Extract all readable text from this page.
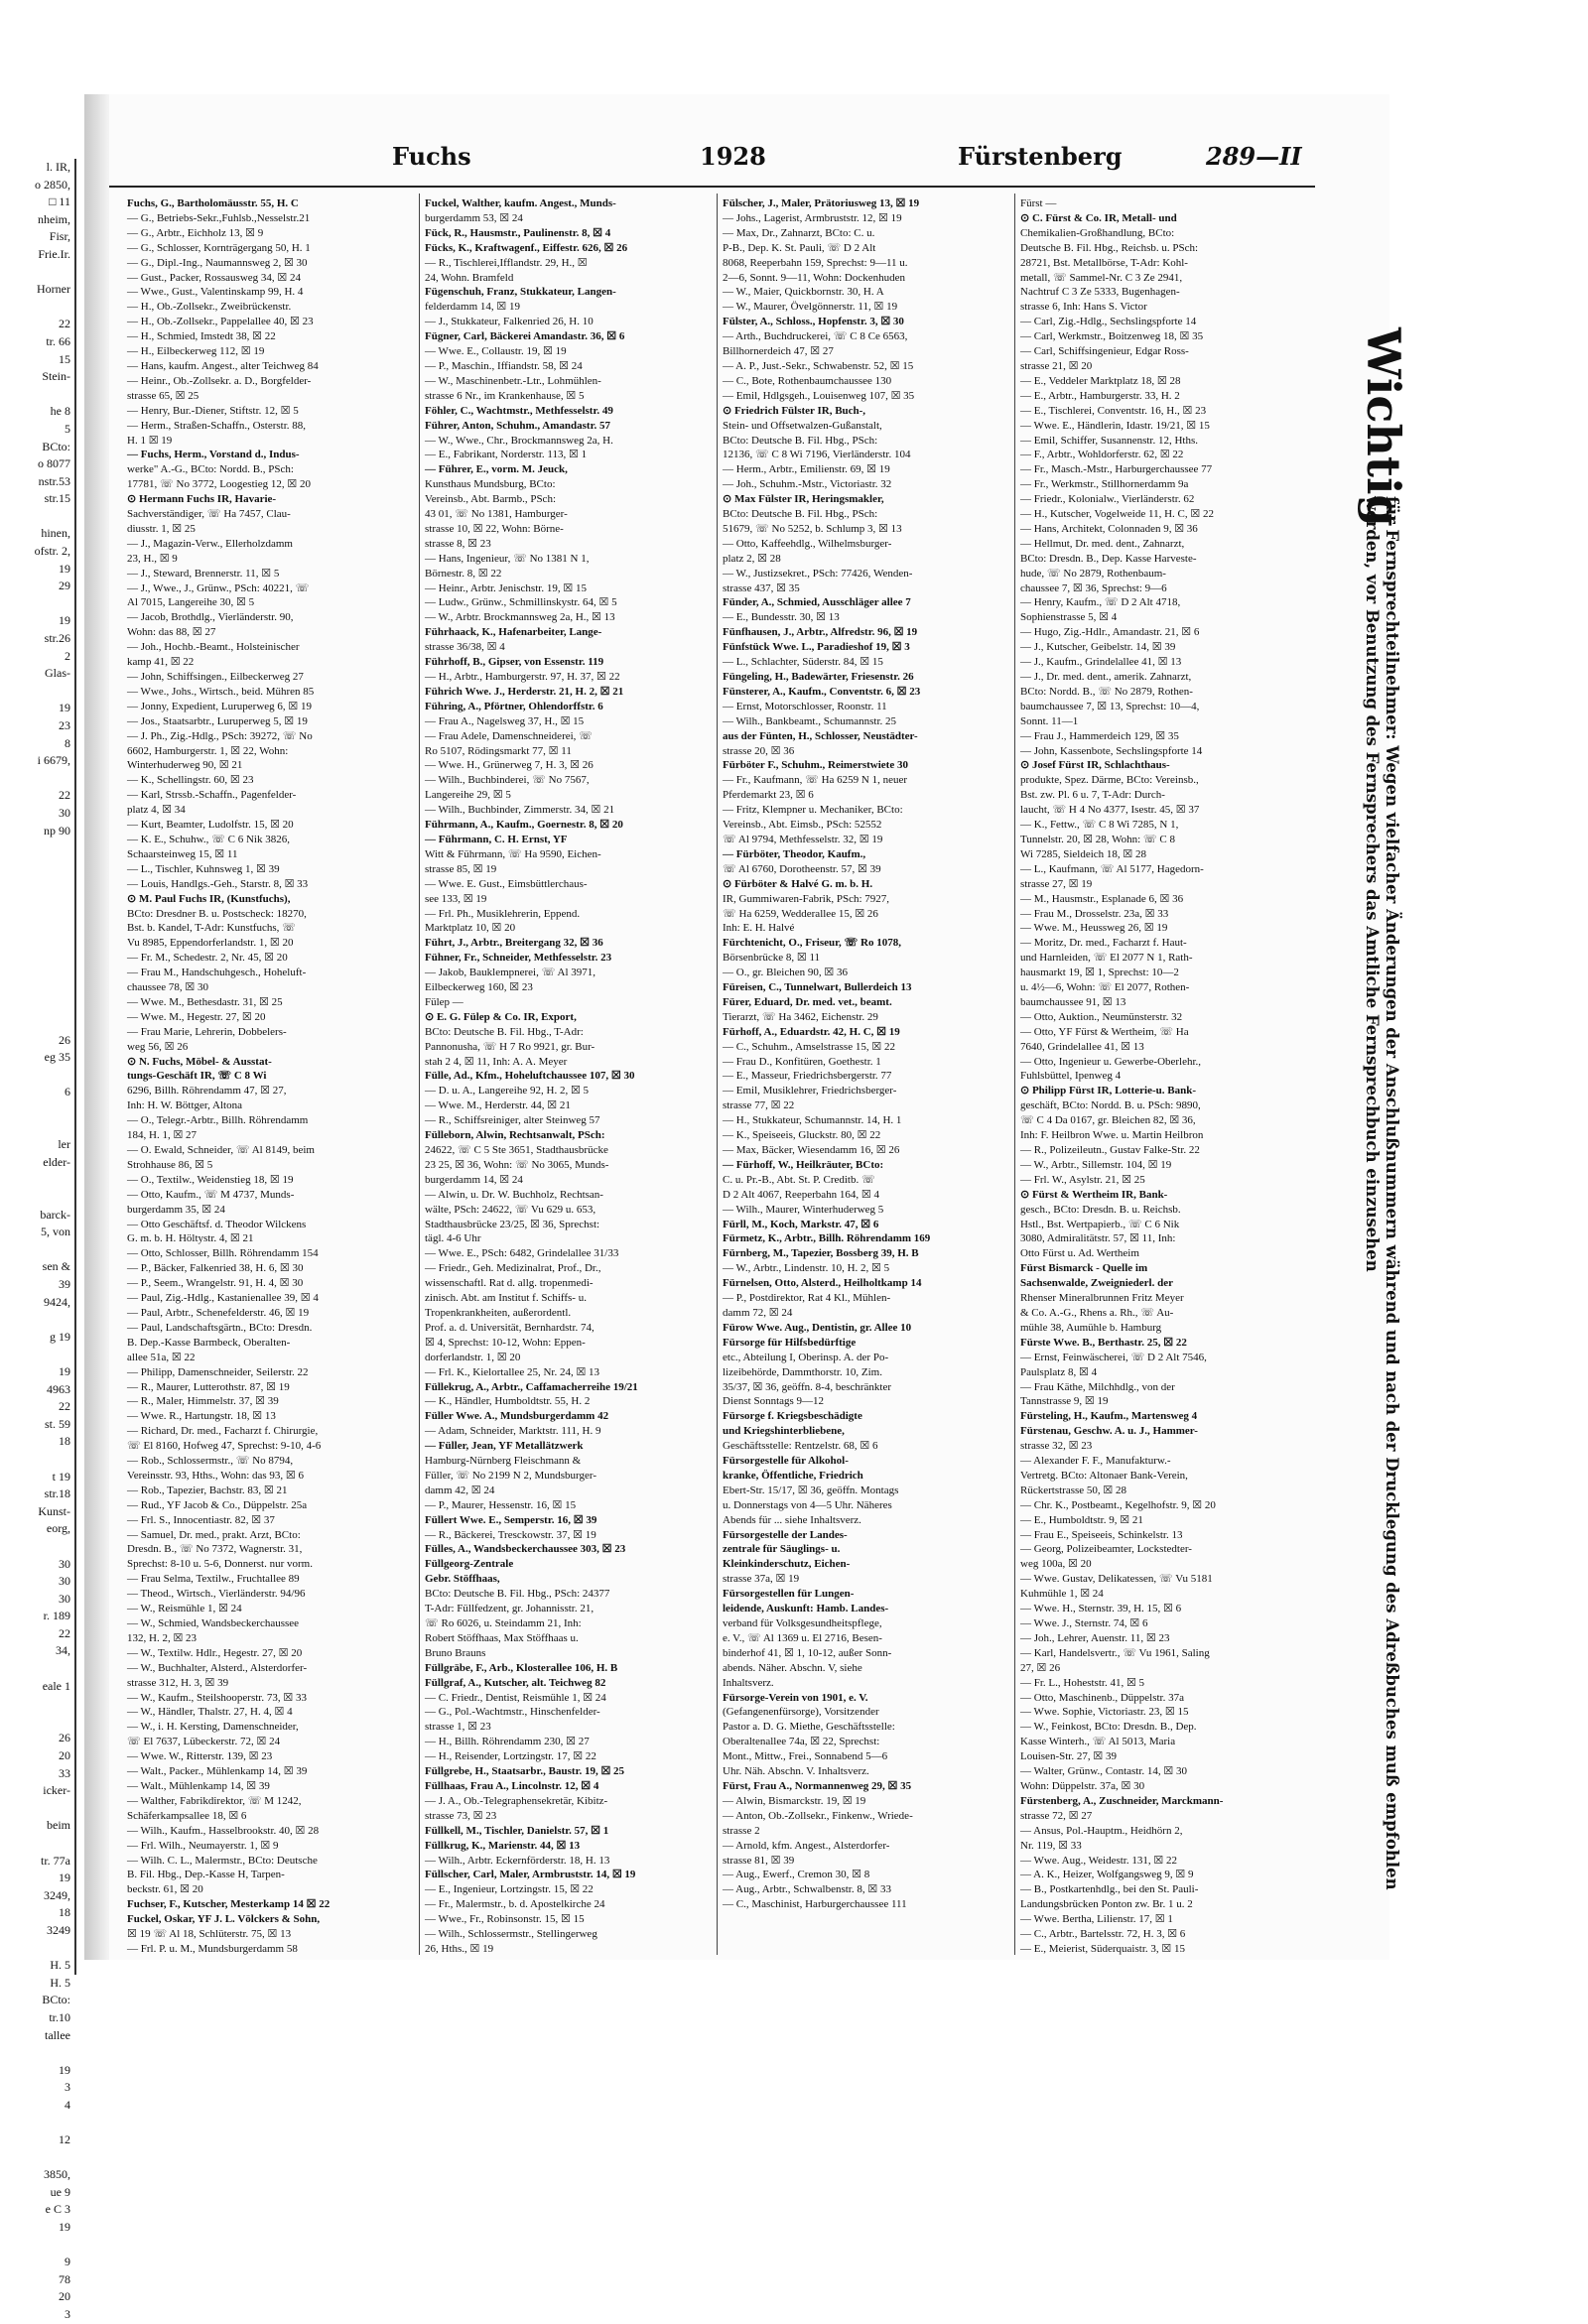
l. IR,
o 2850,
□ 11
nheim,
Fisr,
Frie.Ir.

Horner

22
tr. 66
15
Stein-

he 8
5
BCto:
o 8077
nstr.53
str.15

hinen,
ofstr. 2,
19
29

19
str.26
2
Glas-

19
23
8
i 6679,

22
30
np 90

26
eg 35

6

ler
elder-

barck-
5, von

sen &
39
9424,

g 19

19
4963
22
st. 59
18

t 19
str.18
Kunst-
eorg,

30
30
30
r. 189
22
34,

eale 1

26
20
33
icker-

beim

tr. 77a
19
3249,
18
3249

H. 5
H. 5
BCto:
tr.10
tallee

19
3
4

12

3850,
ue 9
e C 3
19

9
78
20
3
Fuchs	1928	Fürstenberg	289—II
Fuchs, G., Bartholomäusstr. 55, H. C
— G., Betriebs-Sekr.,Fuhlsb.,Nesselstr.21
— G., Arbtr., Eichholz 13, ☒ 9
— G., Schlosser, Kornträgergang 50, H. 1
— G., Dipl.-Ing., Naumannsweg 2, ☒ 30
— Gust., Packer, Rossausweg 34, ☒ 24
— Wwe., Gust., Valentinskamp 99, H. 4
— H., Ob.-Zollsekr., Zweibrückenstr.
— H., Ob.-Zollsekr., Pappelallee 40, ☒ 23
— H., Schmied, Imstedt 38, ☒ 22
— H., Eilbeckerweg 112, ☒ 19
— Hans, kaufm. Angest., alter Teichweg 84
— Heinr., Ob.-Zollsekr. a. D., Borgfelder-
strasse 65, ☒ 25
— Henry, Bur.-Diener, Stiftstr. 12, ☒ 5
— Herm., Straßen-Schaffn., Osterstr. 88,
H. 1 ☒ 19
— Fuchs, Herm., Vorstand d., Indus-
werke" A.-G., BCto: Nordd. B., PSch:
17781, ☏ No 3772, Loogestieg 12, ☒ 20
⊙ Hermann Fuchs IR, Havarie-
Sachverständiger, ☏ Ha 7457, Clau-
diusstr. 1, ☒ 25
— J., Magazin-Verw., Ellerholzdamm
23, H., ☒ 9
— J., Steward, Brennerstr. 11, ☒ 5
— J., Wwe., J., Grünw., PSch: 40221, ☏
Al 7015, Langereihe 30, ☒ 5
— Jacob, Brothdlg., Vierländerstr. 90,
Wohn: das 88, ☒ 27
— Joh., Hochb.-Beamt., Holsteinischer
kamp 41, ☒ 22
— John, Schiffsingen., Eilbeckerweg 27
— Wwe., Johs., Wirtsch., beid. Mühren 85
— Jonny, Expedient, Luruperweg 6, ☒ 19
— Jos., Staatsarbtr., Luruperweg 5, ☒ 19
— J. Ph., Zig.-Hdlg., PSch: 39272, ☏ No
6602, Hamburgerstr. 1, ☒ 22, Wohn:
Winterhuderweg 90, ☒ 21
— K., Schellingstr. 60, ☒ 23
— Karl, Strssb.-Schaffn., Pagenfelder-
platz 4, ☒ 34
— Kurt, Beamter, Ludolfstr. 15, ☒ 20
— K. E., Schuhw., ☏ C 6 Nik 3826,
Schaarsteinweg 15, ☒ 11
— L., Tischler, Kuhnsweg 1, ☒ 39
— Louis, Handlgs.-Geh., Starstr. 8, ☒ 33
⊙ M. Paul Fuchs IR, (Kunstfuchs),
BCto: Dresdner B. u. Postscheck: 18270,
Bst. b. Kandel, T-Adr: Kunstfuchs, ☏
Vu 8985, Eppendorferlandstr. 1, ☒ 20
— Fr. M., Schedestr. 2, Nr. 45, ☒ 20
— Frau M., Handschuhgesch., Hoheluft-
chaussee 78, ☒ 30
— Wwe. M., Bethesdastr. 31, ☒ 25
— Wwe. M., Hegestr. 27, ☒ 20
— Frau Marie, Lehrerin, Dobbelers-
weg 56, ☒ 26
⊙ N. Fuchs, Möbel- & Ausstat-
tungs-Geschäft IR, ☏ C 8 Wi
6296, Billh. Röhrendamm 47, ☒ 27,
Inh: H. W. Böttger, Altona
— O., Telegr.-Arbtr., Billh. Röhrendamm
184, H. 1, ☒ 27
— O. Ewald, Schneider, ☏ Al 8149, beim
Strohhause 86, ☒ 5
— O., Textilw., Weidenstieg 18, ☒ 19
— Otto, Kaufm., ☏ M 4737, Munds-
burgerdamm 35, ☒ 24
— Otto Geschäftsf. d. Theodor Wilckens
G. m. b. H. Höltystr. 4, ☒ 21
— Otto, Schlosser, Billh. Röhrendamm 154
— P., Bäcker, Falkenried 38, H. 6, ☒ 30
— P., Seem., Wrangelstr. 91, H. 4, ☒ 30
— Paul, Zig.-Hdlg., Kastanienallee 39, ☒ 4
— Paul, Arbtr., Schenefelderstr. 46, ☒ 19
— Paul, Landschaftsgärtn., BCto: Dresdn.
B. Dep.-Kasse Barmbeck, Oberalten-
allee 51a, ☒ 22
— Philipp, Damenschneider, Seilerstr. 22
— R., Maurer, Lutterothstr. 87, ☒ 19
— R., Maler, Himmelstr. 37, ☒ 39
— Wwe. R., Hartungstr. 18, ☒ 13
— Richard, Dr. med., Facharzt f. Chirurgie,
☏ El 8160, Hofweg 47, Sprechst: 9-10, 4-6
— Rob., Schlossermstr., ☏ No 8794,
Vereinsstr. 93, Hths., Wohn: das 93, ☒ 6
— Rob., Tapezier, Bachstr. 83, ☒ 21
— Rud., YF Jacob & Co., Düppelstr. 25a
— Frl. S., Innocentiastr. 82, ☒ 37
— Samuel, Dr. med., prakt. Arzt, BCto:
Dresdn. B., ☏ No 7372, Wagnerstr. 31,
Sprechst: 8-10 u. 5-6, Donnerst. nur vorm.
— Frau Selma, Textilw., Fruchtallee 89
— Theod., Wirtsch., Vierländerstr. 94/96
— W., Reismühle 1, ☒ 24
— W., Schmied, Wandsbeckerchaussee
132, H. 2, ☒ 23
— W., Textilw. Hdlr., Hegestr. 27, ☒ 20
— W., Buchhalter, Alsterd., Alsterdorfer-
strasse 312, H. 3, ☒ 39
— W., Kaufm., Steilshooperstr. 73, ☒ 33
— W., Händler, Thalstr. 27, H. 4, ☒ 4
— W., i. H. Kersting, Damenschneider,
☏ El 7637, Lübeckerstr. 72, ☒ 24
— Wwe. W., Ritterstr. 139, ☒ 23
— Walt., Packer., Mühlenkamp 14, ☒ 39
— Walt., Mühlenkamp 14, ☒ 39
— Walther, Fabrikdirektor, ☏ M 1242,
Schäferkampsallee 18, ☒ 6
— Wilh., Kaufm., Hasselbrookstr. 40, ☒ 28
— Frl. Wilh., Neumayerstr. 1, ☒ 9
— Wilh. C. L., Malermstr., BCto: Deutsche
B. Fil. Hbg., Dep.-Kasse H, Tarpen-
beckstr. 61, ☒ 20
Fuchser, F., Kutscher, Mesterkamp 14 ☒ 22
Fuckel, Oskar, YF J. L. Völckers & Sohn,
☒ 19 ☏ Al 18, Schlüterstr. 75, ☒ 13
— Frl. P. u. M., Mundsburgerdamm 58
Fuckel, Walther, kaufm. Angest., Munds-
burgerdamm 53, ☒ 24
Fück, R., Hausmstr., Paulinenstr. 8, ☒ 4
Fücks, K., Kraftwagenf., Eiffestr. 626, ☒ 26
— R., Tischlerei,Ifflandstr. 29, H., ☒
24, Wohn. Bramfeld
Fügenschuh, Franz, Stukkateur, Langen-
felderdamm 14, ☒ 19
— J., Stukkateur, Falkenried 26, H. 10
Fügner, Carl, Bäckerei Amandastr. 36, ☒ 6
— Wwe. E., Collaustr. 19, ☒ 19
— P., Maschin., Iffiandstr. 58, ☒ 24
— W., Maschinenbetr.-Ltr., Lohmühlen-
strasse 6 Nr., im Krankenhause, ☒ 5
Föhler, C., Wachtmstr., Methfesselstr. 49
Führer, Anton, Schuhm., Amandastr. 57
— W., Wwe., Chr., Brockmannsweg 2a, H.
— E., Fabrikant, Norderstr. 113, ☒ 1
— Führer, E., vorm. M. Jeuck,
Kunsthaus Mundsburg, BCto:
Vereinsb., Abt. Barmb., PSch:
43 01, ☏ No 1381, Hamburger-
strasse 10, ☒ 22, Wohn: Börne-
strasse 8, ☒ 23
— Hans, Ingenieur, ☏ No 1381 N 1,
Börnestr. 8, ☒ 22
— Heinr., Arbtr. Jenischstr. 19, ☒ 15
— Ludw., Grünw., Schmillinskystr. 64, ☒ 5
— W., Arbtr. Brockmannsweg 2a, H., ☒ 13
Führhaack, K., Hafenarbeiter, Lange-
strasse 36/38, ☒ 4
Führhoff, B., Gipser, von Essenstr. 119
— H., Arbtr., Hamburgerstr. 97, H. 37, ☒ 22
Führich Wwe. J., Herderstr. 21, H. 2, ☒ 21
Führing, A., Pförtner, Ohlendorffstr. 6
— Frau A., Nagelsweg 37, H., ☒ 15
— Frau Adele, Damenschneiderei, ☏
Ro 5107, Rödingsmarkt 77, ☒ 11
— Wwe. H., Grünerweg 7, H. 3, ☒ 26
— Wilh., Buchbinderei, ☏ No 7567,
Langereihe 29, ☒ 5
— Wilh., Buchbinder, Zimmerstr. 34, ☒ 21
Führmann, A., Kaufm., Goernestr. 8, ☒ 20
— Führmann, C. H. Ernst, YF
Witt & Führmann, ☏ Ha 9590, Eichen-
strasse 85, ☒ 19
— Wwe. E. Gust., Eimsbüttlerchaus-
see 133, ☒ 19
— Frl. Ph., Musiklehrerin, Eppend.
Marktplatz 10, ☒ 20
Führt, J., Arbtr., Breitergang 32, ☒ 36
Fühner, Fr., Schneider, Methfesselstr. 23
— Jakob, Bauklempnerei, ☏ Al 3971,
Eilbeckerweg 160, ☒ 23
Fülep —
⊙ E. G. Fülep & Co. IR, Export,
BCto: Deutsche B. Fil. Hbg., T-Adr:
Pannonusha, ☏ H 7 Ro 9921, gr. Bur-
stah 2 4, ☒ 11, Inh: A. A. Meyer
Fülle, Ad., Kfm., Hoheluftchaussee 107, ☒ 30
— D. u. A., Langereihe 92, H. 2, ☒ 5
— Wwe. M., Herderstr. 44, ☒ 21
— R., Schiffsreiniger, alter Steinweg 57
Fülleborn, Alwin, Rechtsanwalt, PSch:
24622, ☏ C 5 Ste 3651, Stadthausbrücke
23 25, ☒ 36, Wohn: ☏ No 3065, Munds-
burgerdamm 14, ☒ 24
— Alwin, u. Dr. W. Buchholz, Rechtsan-
wälte, PSch: 24622, ☏ Vu 629 u. 653,
Stadthausbrücke 23/25, ☒ 36, Sprechst:
tägl. 4-6 Uhr
— Wwe. E., PSch: 6482, Grindelallee 31/33
— Friedr., Geh. Medizinalrat, Prof., Dr.,
wissenschaftl. Rat d. allg. tropenmedi-
zinisch. Abt. am Institut f. Schiffs- u.
Tropenkrankheiten, außerordentl.
Prof. a. d. Universität, Bernhardstr. 74,
☒ 4, Sprechst: 10-12, Wohn: Eppen-
dorferlandstr. 1, ☒ 20
— Frl. K., Kielortallee 25, Nr. 24, ☒ 13
Füllekrug, A., Arbtr., Caffamacherreihe 19/21
— K., Händler, Humboldtstr. 55, H. 2
Füller Wwe. A., Mundsburgerdamm 42
— Adam, Schneider, Marktstr. 111, H. 9
— Füller, Jean, YF Metallätzwerk
Hamburg-Nürnberg Fleischmann &
Füller, ☏ No 2199 N 2, Mundsburger-
damm 42, ☒ 24
— P., Maurer, Hessenstr. 16, ☒ 15
Füllert Wwe. E., Semperstr. 16, ☒ 39
— R., Bäckerei, Tresckowstr. 37, ☒ 19
Fülles, A., Wandsbeckerchaussee 303, ☒ 23
Füllgeorg-Zentrale
Gebr. Stöffhaas,
BCto: Deutsche B. Fil. Hbg., PSch: 24377
T-Adr: Füllfedzent, gr. Johannisstr. 21,
☏ Ro 6026, u. Steindamm 21, Inh:
Robert Stöffhaas, Max Stöffhaas u.
Bruno Brauns
Füllgräbe, F., Arb., Klosterallee 106, H. B
Füllgraf, A., Kutscher, alt. Teichweg 82
— C. Friedr., Dentist, Reismühle 1, ☒ 24
— G., Pol.-Wachtmstr., Hinschenfelder-
strasse 1, ☒ 23
— H., Billh. Röhrendamm 230, ☒ 27
— H., Reisender, Lortzingstr. 17, ☒ 22
Füllgrebe, H., Staatsarbr., Baustr. 19, ☒ 25
Füllhaas, Frau A., Lincolnstr. 12, ☒ 4
— J. A., Ob.-Telegraphensekretär, Kibitz-
strasse 73, ☒ 23
Füllkell, M., Tischler, Danielstr. 57, ☒ 1
Füllkrug, K., Marienstr. 44, ☒ 13
— Wilh., Arbtr. Eckernförderstr. 18, H. 13
Füllscher, Carl, Maler, Armbruststr. 14, ☒ 19
— E., Ingenieur, Lortzingstr. 15, ☒ 22
— Fr., Malermstr., b. d. Apostelkirche 24
— Wwe., Fr., Robinsonstr. 15, ☒ 15
— Wilh., Schlossermstr., Stellingerweg
26, Hths., ☒ 19
Fülscher, J., Maler, Prätoriusweg 13, ☒ 19
— Johs., Lagerist, Armbruststr. 12, ☒ 19
— Max, Dr., Zahnarzt, BCto: C. u.
P-B., Dep. K. St. Pauli, ☏ D 2 Alt
8068, Reeperbahn 159, Sprechst: 9—11 u.
2—6, Sonnt. 9—11, Wohn: Dockenhuden
— W., Maier, Quickbornstr. 30, H. A
— W., Maurer, Övelgönnerstr. 11, ☒ 19
Fülster, A., Schloss., Hopfenstr. 3, ☒ 30
— Arth., Buchdruckerei, ☏ C 8 Ce 6563,
Billhornerdeich 47, ☒ 27
— A. P., Just.-Sekr., Schwabenstr. 52, ☒ 15
— C., Bote, Rothenbaumchaussee 130
— Emil, Hdlgsgeh., Louisenweg 107, ☒ 35
⊙ Friedrich Fülster IR, Buch-,
Stein- und Offsetwalzen-Gußanstalt,
BCto: Deutsche B. Fil. Hbg., PSch:
12136, ☏ C 8 Wi 7196, Vierländerstr. 104
— Herm., Arbtr., Emilienstr. 69, ☒ 19
— Joh., Schuhm.-Mstr., Victoriastr. 32
⊙ Max Fülster IR, Heringsmakler,
BCto: Deutsche B. Fil. Hbg., PSch:
51679, ☏ No 5252, b. Schlump 3, ☒ 13
— Otto, Kaffeehdlg., Wilhelmsburger-
platz 2, ☒ 28
— W., Justizsekret., PSch: 77426, Wenden-
strasse 437, ☒ 35
Fünder, A., Schmied, Ausschläger allee 7
— E., Bundesstr. 30, ☒ 13
Fünfhausen, J., Arbtr., Alfredstr. 96, ☒ 19
Fünfstück Wwe. L., Paradieshof 19, ☒ 3
— L., Schlachter, Süderstr. 84, ☒ 15
Füngeling, H., Badewärter, Friesenstr. 26
Fünsterer, A., Kaufm., Conventstr. 6, ☒ 23
— Ernst, Motorschlosser, Roonstr. 11
— Wilh., Bankbeamt., Schumannstr. 25
aus der Fünten, H., Schlosser, Neustädter-
strasse 20, ☒ 36
Fürböter F., Schuhm., Reimerstwiete 30
— Fr., Kaufmann, ☏ Ha 6259 N 1, neuer
Pferdemarkt 23, ☒ 6
— Fritz, Klempner u. Mechaniker, BCto:
Vereinsb., Abt. Eimsb., PSch: 52552
☏ Al 9794, Methfesselstr. 32, ☒ 19
— Fürböter, Theodor, Kaufm.,
☏ Al 6760, Dorotheenstr. 57, ☒ 39
⊙ Fürböter & Halvé G. m. b. H.
IR, Gummiwaren-Fabrik, PSch: 7927,
☏ Ha 6259, Wedderallee 15, ☒ 26
Inh: E. H. Halvé
Fürchtenicht, O., Friseur, ☏ Ro 1078,
Börsenbrücke 8, ☒ 11
— O., gr. Bleichen 90, ☒ 36
Füreisen, C., Tunnelwart, Bullerdeich 13
Fürer, Eduard, Dr. med. vet., beamt.
Tierarzt, ☏ Ha 3462, Eichenstr. 29
Fürhoff, A., Eduardstr. 42, H. C, ☒ 19
— C., Schuhm., Amselstrasse 15, ☒ 22
— Frau D., Konfitüren, Goethestr. 1
— E., Masseur, Friedrichsbergerstr. 77
— Emil, Musiklehrer, Friedrichsberger-
strasse 77, ☒ 22
— H., Stukkateur, Schumannstr. 14, H. 1
— K., Speiseeis, Gluckstr. 80, ☒ 22
— Max, Bäcker, Wiesendamm 16, ☒ 26
— Fürhoff, W., Heilkräuter, BCto:
C. u. Pr.-B., Abt. St. P. Creditb. ☏
D 2 Alt 4067, Reeperbahn 164, ☒ 4
— Wilh., Maurer, Winterhuderweg 5
Fürll, M., Koch, Markstr. 47, ☒ 6
Fürmetz, K., Arbtr., Billh. Röhrendamm 169
Fürnberg, M., Tapezier, Bossberg 39, H. B
— W., Arbtr., Lindenstr. 10, H. 2, ☒ 5
Fürnelsen, Otto, Alsterd., Heilholtkamp 14
— P., Postdirektor, Rat 4 Kl., Mühlen-
damm 72, ☒ 24
Fürow Wwe. Aug., Dentistin, gr. Allee 10
Fürsorge für Hilfsbedürftige
etc., Abteilung I, Oberinsp. A. der Po-
lizeibehörde, Dammthorstr. 10, Zim.
35/37, ☒ 36, geöffn. 8-4, beschränkter
Dienst Sonntags 9—12
Fürsorge f. Kriegsbeschädigte
und Kriegshinterbliebene,
Geschäftsstelle: Rentzelstr. 68, ☒ 6
Fürsorgestelle für Alkohol-
kranke, Öffentliche, Friedrich
Ebert-Str. 15/17, ☒ 36, geöffn. Montags
u. Donnerstags von 4—5 Uhr. Näheres
Abends für ... siehe Inhaltsverz.
Fürsorgestelle der Landes-
zentrale für Säuglings- u.
Kleinkinderschutz, Eichen-
strasse 37a, ☒ 19
Fürsorgestellen für Lungen-
leidende, Auskunft: Hamb. Landes-
verband für Volksgesundheitspflege,
e. V., ☏ Al 1369 u. El 2716, Besen-
binderhof 41, ☒ 1, 10-12, außer Sonn-
abends. Näher. Abschn. V, siehe
Inhaltsverz.
Fürsorge-Verein von 1901, e. V.
(Gefangenenfürsorge), Vorsitzender
Pastor a. D. G. Miethe, Geschäftsstelle:
Oberaltenallee 74a, ☒ 22, Sprechst:
Mont., Mittw., Frei., Sonnabend 5—6
Uhr. Näh. Abschn. V. Inhaltsverz.
Fürst, Frau A., Normannenweg 29, ☒ 35
— Alwin, Bismarckstr. 19, ☒ 19
— Anton, Ob.-Zollsekr., Finkenw., Wriede-
strasse 2
— Arnold, kfm. Angest., Alsterdorfer-
strasse 81, ☒ 39
— Aug., Ewerf., Cremon 30, ☒ 8
— Aug., Arbtr., Schwalbenstr. 8, ☒ 33
— C., Maschinist, Harburgerchaussee 111
Fürst —
⊙ C. Fürst & Co. IR, Metall- und
Chemikalien-Großhandlung, BCto:
Deutsche B. Fil. Hbg., Reichsb. u. PSch:
28721, Bst. Metallbörse, T-Adr: Kohl-
metall, ☏ Sammel-Nr. C 3 Ze 2941,
Nachtruf C 3 Ze 5333, Bugenhagen-
strasse 6, Inh: Hans S. Victor
— Carl, Zig.-Hdlg., Sechslingspforte 14
— Carl, Werkmstr., Boitzenweg 18, ☒ 35
— Carl, Schiffsingenieur, Edgar Ross-
strasse 21, ☒ 20
— E., Veddeler Marktplatz 18, ☒ 28
— E., Arbtr., Hamburgerstr. 33, H. 2
— E., Tischlerei, Conventstr. 16, H., ☒ 23
— Wwe. E., Händlerin, Idastr. 19/21, ☒ 15
— Emil, Schiffer, Susannenstr. 12, Hths.
— F., Arbtr., Wohldorferstr. 62, ☒ 22
— Fr., Masch.-Mstr., Harburgerchaussee 77
— Fr., Werkmstr., Stillhornerdamm 9a
— Friedr., Kolonialw., Vierländerstr. 62
— H., Kutscher, Vogelweide 11, H. C, ☒ 22
— Hans, Architekt, Colonnaden 9, ☒ 36
— Hellmut, Dr. med. dent., Zahnarzt,
BCto: Dresdn. B., Dep. Kasse Harveste-
hude, ☏ No 2879, Rothenbaum-
chaussee 7, ☒ 36, Sprechst: 9—6
— Henry, Kaufm., ☏ D 2 Alt 4718,
Sophienstrasse 5, ☒ 4
— Hugo, Zig.-Hdlr., Amandastr. 21, ☒ 6
— J., Kutscher, Geibelstr. 14, ☒ 39
— J., Kaufm., Grindelallee 41, ☒ 13
— J., Dr. med. dent., amerik. Zahnarzt,
BCto: Nordd. B., ☏ No 2879, Rothen-
baumchaussee 7, ☒ 13, Sprechst: 10—4,
Sonnt. 11—1
— Frau J., Hammerdeich 129, ☒ 35
— John, Kassenbote, Sechslingspforte 14
⊙ Josef Fürst IR, Schlachthaus-
produkte, Spez. Därme, BCto: Vereinsb.,
Bst. zw. Pl. 6 u. 7, T-Adr: Durch-
laucht, ☏ H 4 No 4377, Isestr. 45, ☒ 37
— K., Fettw., ☏ C 8 Wi 7285, N 1,
Tunnelstr. 20, ☒ 28, Wohn: ☏ C 8
Wi 7285, Sieldeich 18, ☒ 28
— L., Kaufmann, ☏ Al 5177, Hagedorn-
strasse 27, ☒ 19
— M., Hausmstr., Esplanade 6, ☒ 36
— Frau M., Drosselstr. 23a, ☒ 33
— Wwe. M., Heussweg 26, ☒ 19
— Moritz, Dr. med., Facharzt f. Haut-
und Harnleiden, ☏ El 2077 N 1, Rath-
hausmarkt 19, ☒ 1, Sprechst: 10—2
u. 4½—6, Wohn: ☏ El 2077, Rothen-
baumchaussee 91, ☒ 13
— Otto, Auktion., Neumünsterstr. 32
— Otto, YF Fürst & Wertheim, ☏ Ha
7640, Grindelallee 41, ☒ 13
— Otto, Ingenieur u. Gewerbe-Oberlehr.,
Fuhlsbüttel, Ipenweg 4
⊙ Philipp Fürst IR, Lotterie-u. Bank-
geschäft, BCto: Nordd. B. u. PSch: 9890,
☏ C 4 Da 0167, gr. Bleichen 82, ☒ 36,
Inh: F. Heilbron Wwe. u. Martin Heilbron
— R., Polizeileutn., Gustav Falke-Str. 22
— W., Arbtr., Sillemstr. 104, ☒ 19
— Frl. W., Asylstr. 21, ☒ 25
⊙ Fürst & Wertheim IR, Bank-
gesch., BCto: Dresdn. B. u. Reichsb.
Hstl., Bst. Wertpapierb., ☏ C 6 Nik
3080, Admiralitätstr. 57, ☒ 11, Inh:
Otto Fürst u. Ad. Wertheim
Fürst Bismarck - Quelle im
Sachsenwalde, Zweigniederl. der
Rhenser Mineralbrunnen Fritz Meyer
& Co. A.-G., Rhens a. Rh., ☏ Au-
mühle 38, Aumühle b. Hamburg
Fürste Wwe. B., Berthastr. 25, ☒ 22
— Ernst, Feinwäscherei, ☏ D 2 Alt 7546,
Paulsplatz 8, ☒ 4
— Frau Käthe, Milchhdlg., von der
Tannstrasse 9, ☒ 19
Fürsteling, H., Kaufm., Martensweg 4
Fürstenau, Geschw. A. u. J., Hammer-
strasse 32, ☒ 23
— Alexander F. F., Manufakturw.-
Vertretg. BCto: Altonaer Bank-Verein,
Rückertstrasse 50, ☒ 28
— Chr. K., Postbeamt., Kegelhofstr. 9, ☒ 20
— E., Humboldtstr. 9, ☒ 21
— Frau E., Speiseeis, Schinkelstr. 13
— Georg, Polizeibeamter, Lockstedter-
weg 100a, ☒ 20
— Wwe. Gustav, Delikatessen, ☏ Vu 5181
Kuhmühle 1, ☒ 24
— Wwe. H., Sternstr. 39, H. 15, ☒ 6
— Wwe. J., Sternstr. 74, ☒ 6
— Joh., Lehrer, Auenstr. 11, ☒ 23
— Karl, Handelsvertr., ☏ Vu 1961, Saling
27, ☒ 26
— Fr. L., Hoheststr. 41, ☒ 5
— Otto, Maschinenb., Düppelstr. 37a
— Wwe. Sophie, Victoriastr. 23, ☒ 15
— W., Feinkost, BCto: Dresdn. B., Dep.
Kasse Winterh., ☏ Al 5013, Maria
Louisen-Str. 27, ☒ 39
— Walter, Grünw., Contastr. 14, ☒ 30
Wohn: Düppelstr. 37a, ☒ 30
Fürstenberg, A., Zuschneider, Marckmann-
strasse 72, ☒ 27
— Ansus, Pol.-Hauptm., Heidhörn 2,
Nr. 119, ☒ 33
— Wwe. Aug., Weidestr. 131, ☒ 22
— A. K., Heizer, Wolfgangsweg 9, ☒ 9
— B., Postkartenhdlg., bei den St. Pauli-
Landungsbrücken Ponton zw. Br. 1 u. 2
— Wwe. Bertha, Lilienstr. 17, ☒ 1
— C., Arbtr., Bartelsstr. 72, H. 3, ☒ 6
— E., Meierist, Süderquaistr. 3, ☒ 15
Wichtig
für Fernsprechteilnehmer: Wegen vielfacher Änderungen der Anschlußnummern während und nach der Drucklegung des Adreßbuches muß empfohlen werden, vor Benutzung des Fernsprechers das Amtliche Fernsprechbuch einzusehen
